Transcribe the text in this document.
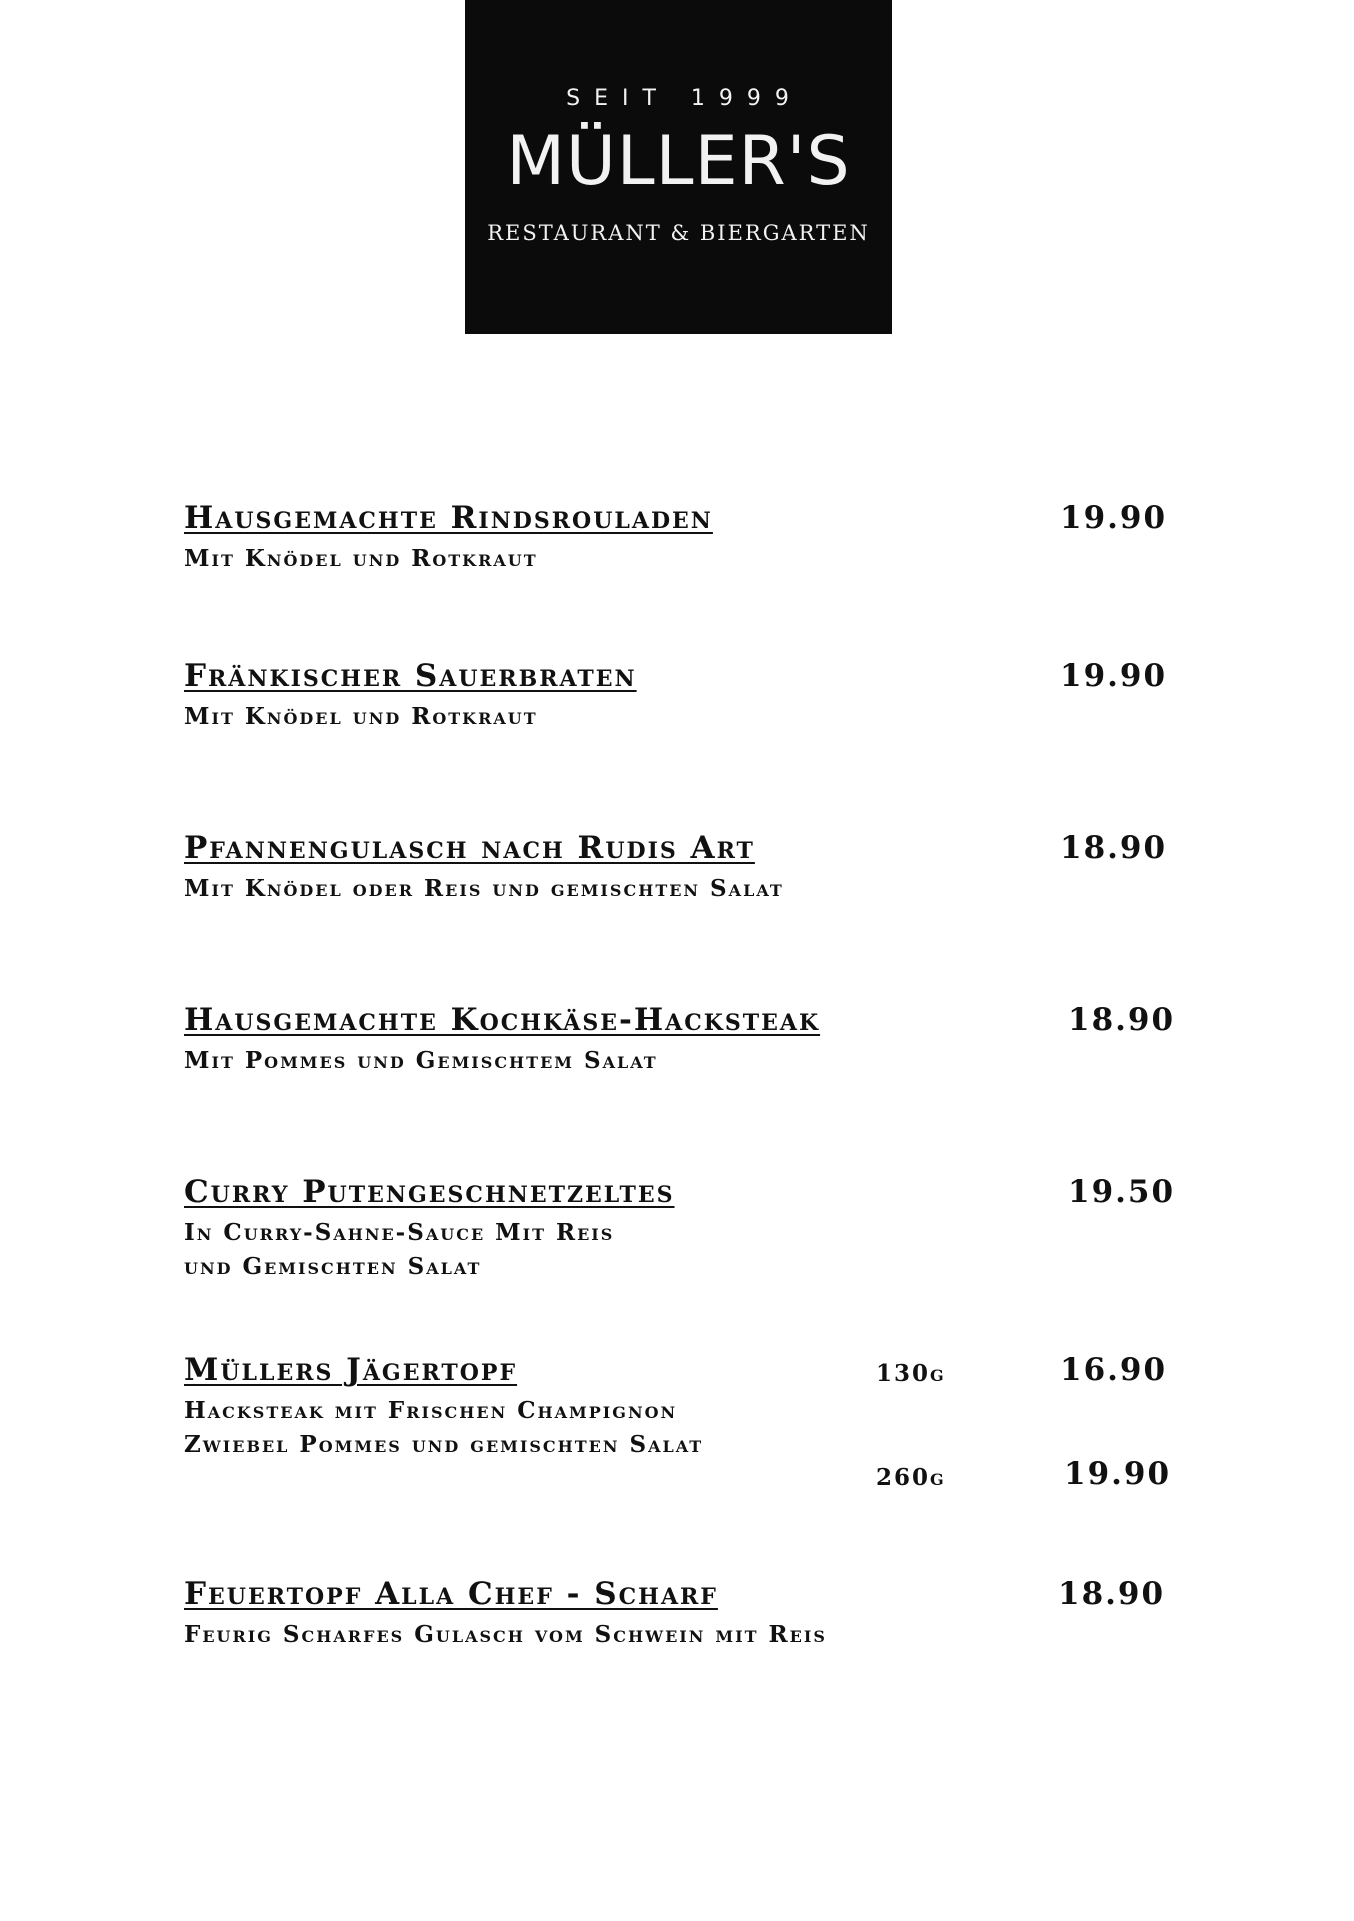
SEIT 1999
MÜLLER'S
RESTAURANT & BIERGARTEN
Hausgemachte Rindsrouladen
Mit Knödel und Rotkraut
19.90
Fränkischer Sauerbraten
Mit Knödel und Rotkraut
19.90
Pfannengulasch nach Rudis Art
Mit Knödel oder Reis und gemischten Salat
18.90
Hausgemachte Kochkäse-Hacksteak
Mit Pommes und Gemischtem Salat
18.90
Curry Putengeschnetzeltes
In Curry-Sahne-Sauce Mit Reis
und Gemischten Salat
19.50
Müllers Jägertopf
Hacksteak mit Frischen Champignon
Zwiebel Pommes und gemischten Salat
130g	16.90
260g	19.90
Feuertopf Alla Chef - Scharf
Feurig Scharfes Gulasch vom Schwein mit Reis
18.90
